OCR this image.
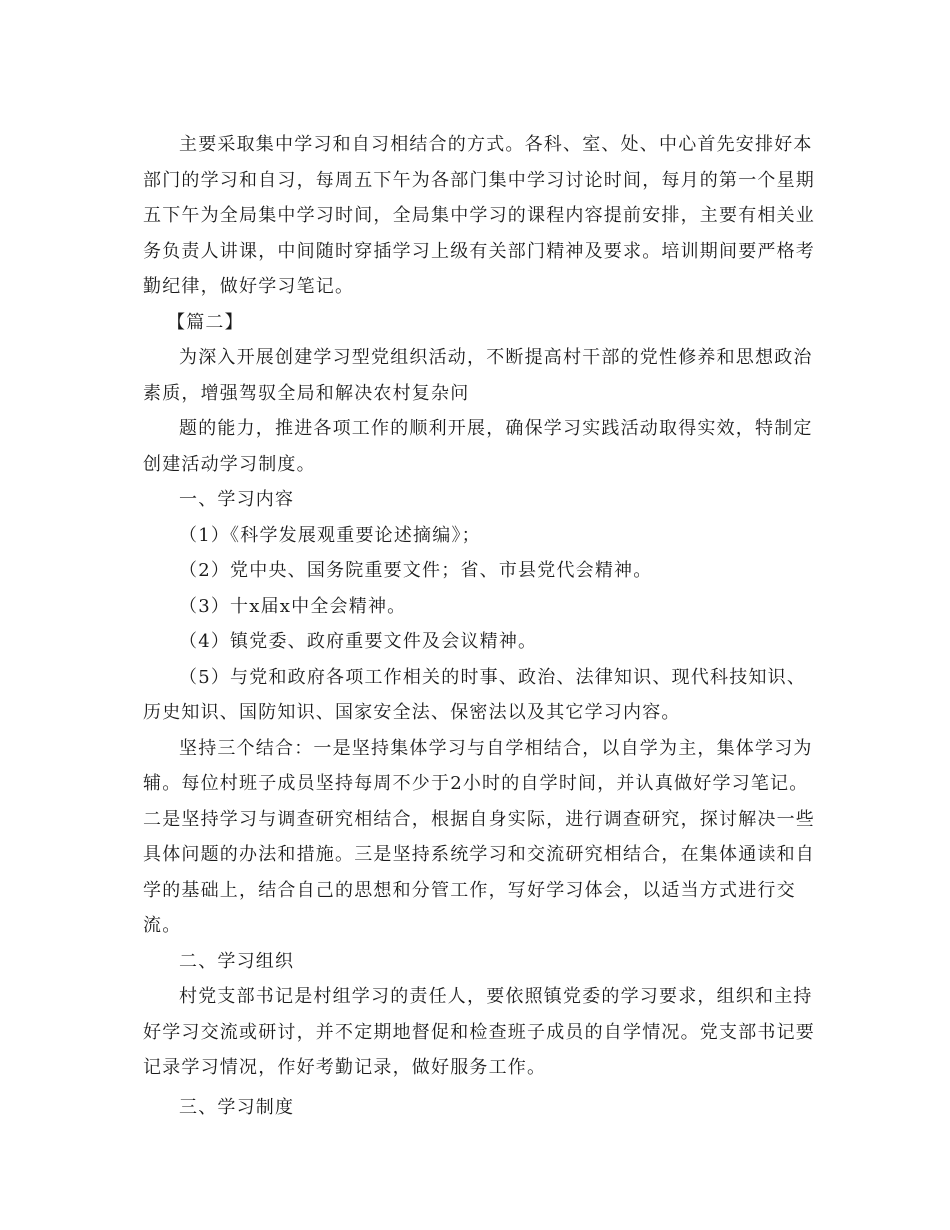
主要采取集中学习和自习相结合的方式。各科、室、处、中心首先安排好本部门的学习和自习，每周五下午为各部门集中学习讨论时间，每月的第一个星期五下午为全局集中学习时间，全局集中学习的课程内容提前安排，主要有相关业务负责人讲课，中间随时穿插学习上级有关部门精神及要求。培训期间要严格考勤纪律，做好学习笔记。

【篇二】

为深入开展创建学习型党组织活动，不断提高村干部的党性修养和思想政治素质，增强驾驭全局和解决农村复杂问

题的能力，推进各项工作的顺利开展，确保学习实践活动取得实效，特制定创建活动学习制度。

一、学习内容

（1）《科学发展观重要论述摘编》；

（2）党中央、国务院重要文件；省、市县党代会精神。

（3）十x届x中全会精神。

（4）镇党委、政府重要文件及会议精神。

（5）与党和政府各项工作相关的时事、政治、法律知识、现代科技知识、历史知识、国防知识、国家安全法、保密法以及其它学习内容。

坚持三个结合：一是坚持集体学习与自学相结合，以自学为主，集体学习为辅。每位村班子成员坚持每周不少于2小时的自学时间，并认真做好学习笔记。二是坚持学习与调查研究相结合，根据自身实际，进行调查研究，探讨解决一些具体问题的办法和措施。三是坚持系统学习和交流研究相结合，在集体通读和自学的基础上，结合自己的思想和分管工作，写好学习体会，以适当方式进行交流。

二、学习组织

村党支部书记是村组学习的责任人，要依照镇党委的学习要求，组织和主持好学习交流或研讨，并不定期地督促和检查班子成员的自学情况。党支部书记要记录学习情况，作好考勤记录，做好服务工作。

三、学习制度
